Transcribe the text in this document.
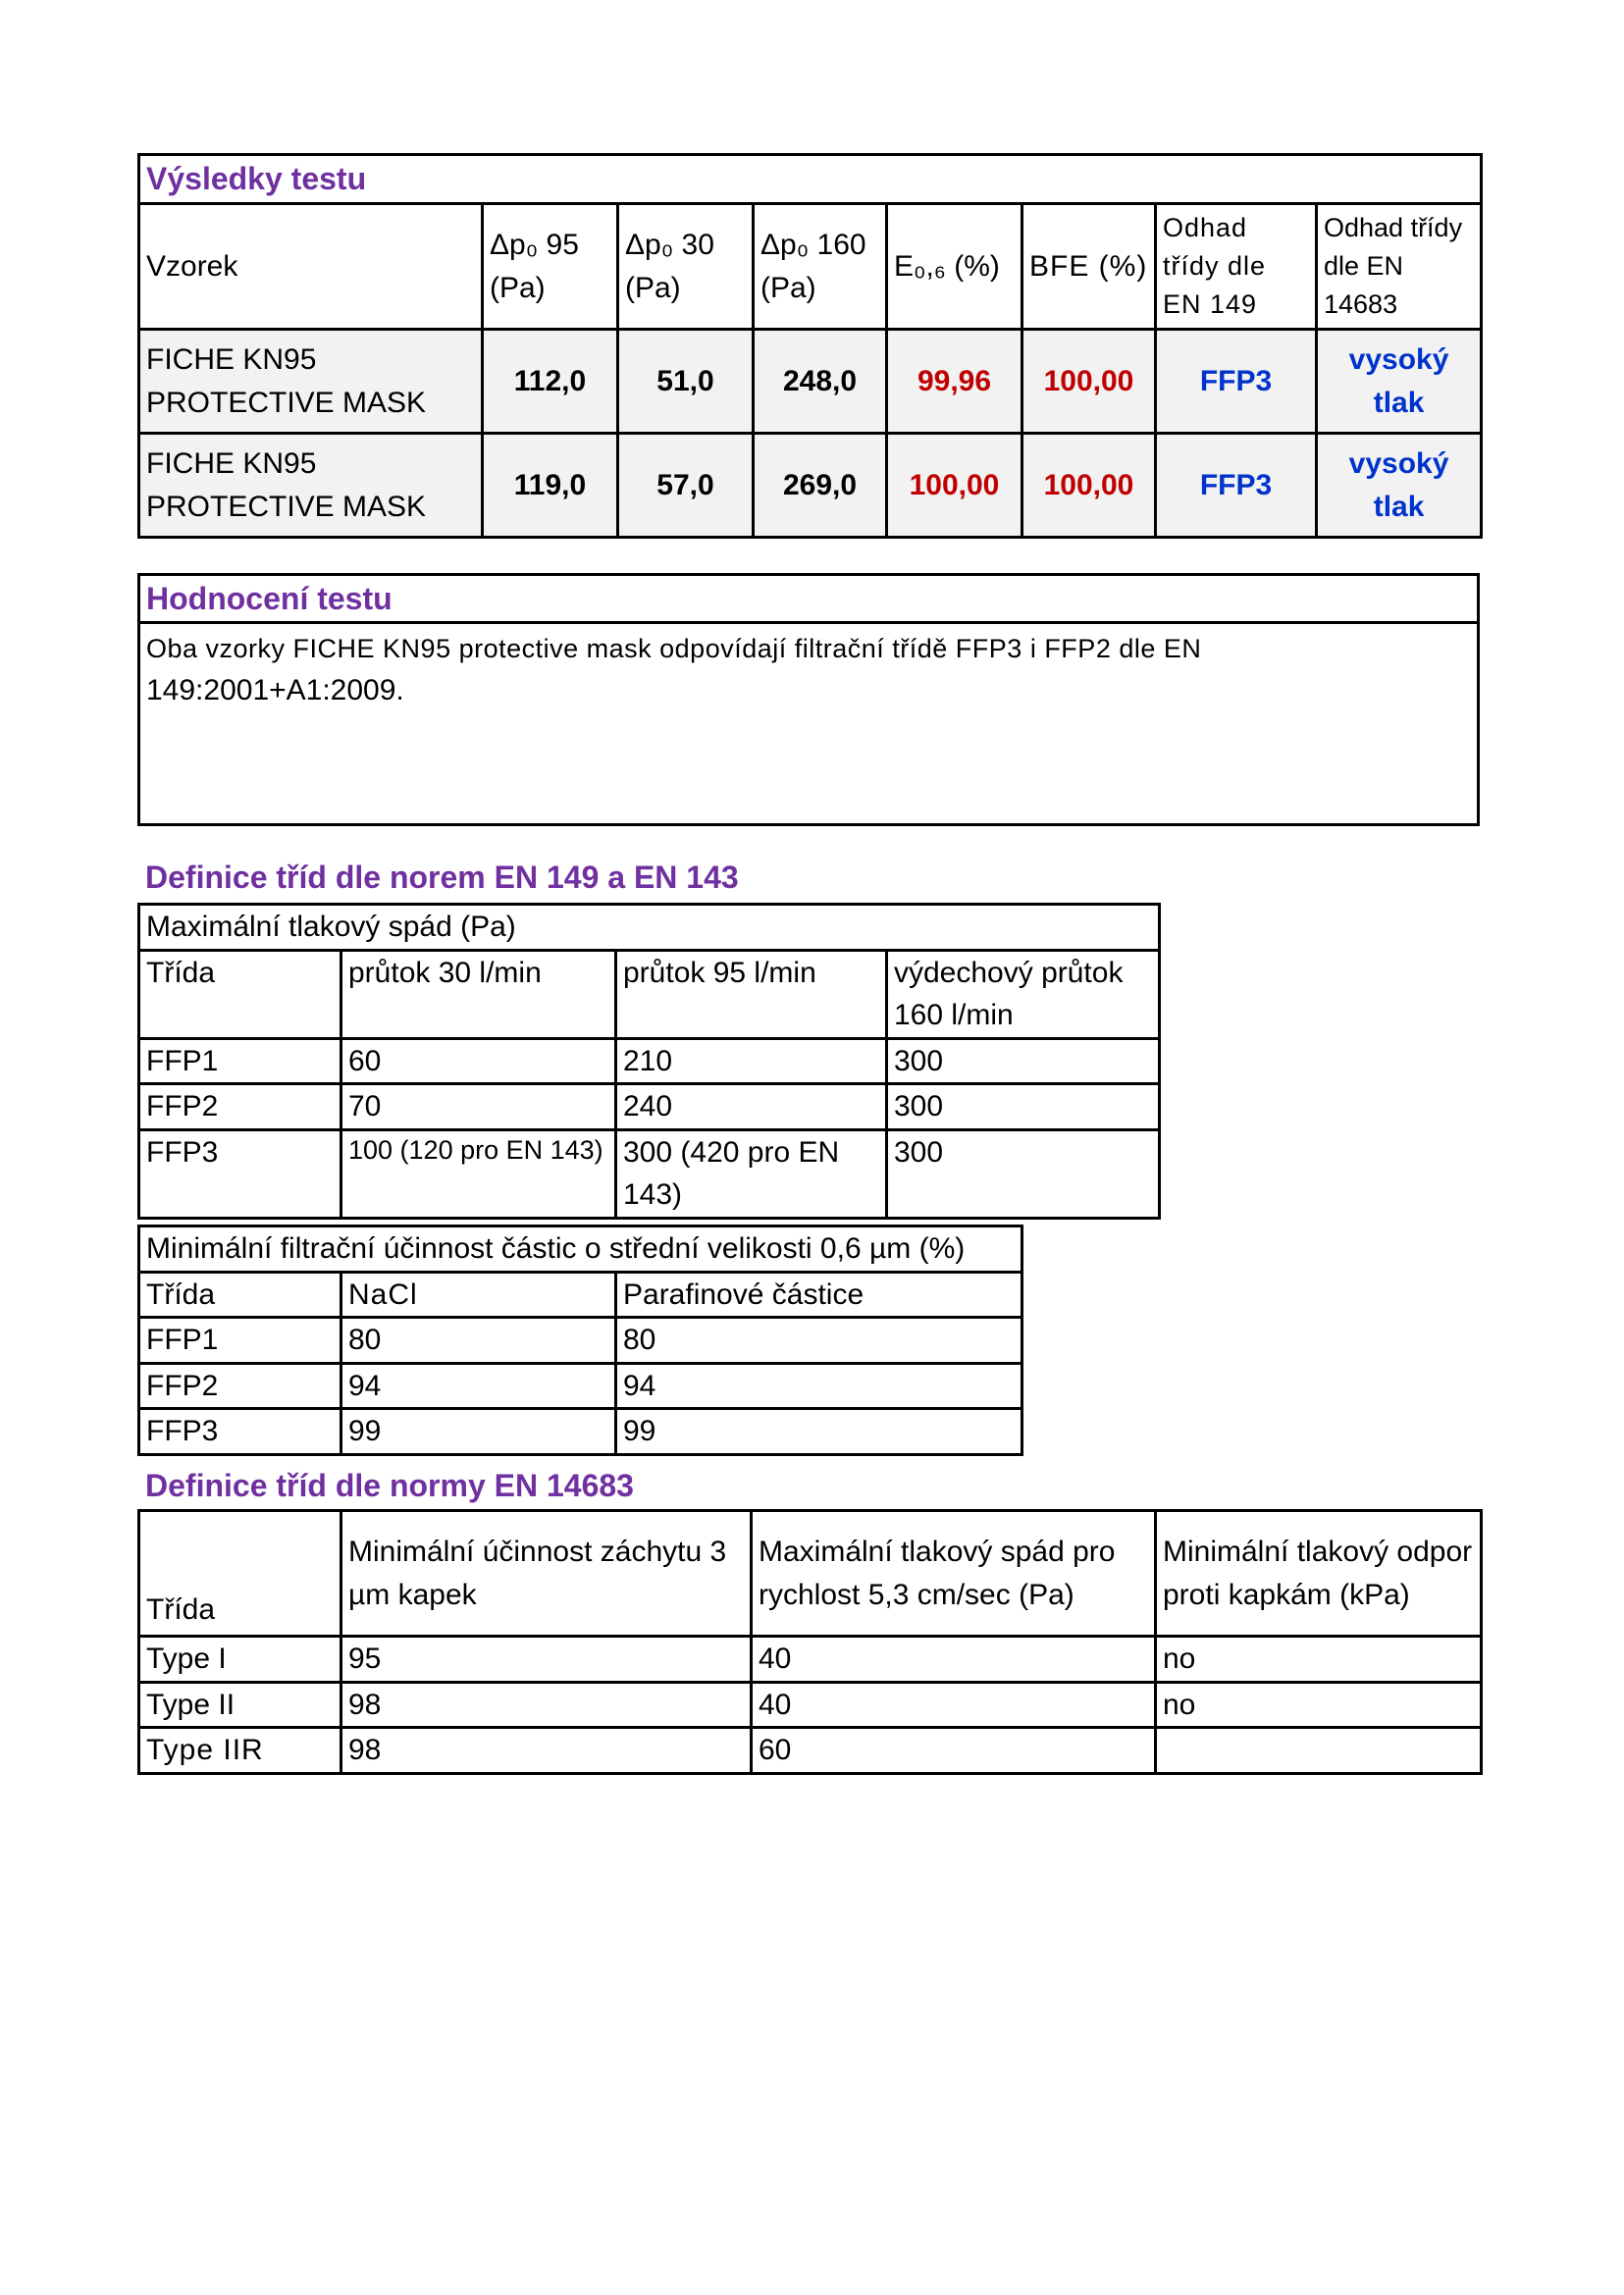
Výsledky testu							
Vzorek	Δp₀ 95 (Pa)	Δp₀ 30 (Pa)	Δp₀ 160 (Pa)	E₀,₆ (%)	BFE (%)	Odhad třídy dle EN 149	Odhad třídy dle EN 14683
FICHE KN95 PROTECTIVE MASK	112,0	51,0	248,0	99,96	100,00	FFP3	vysoký tlak
FICHE KN95 PROTECTIVE MASK	119,0	57,0	269,0	100,00	100,00	FFP3	vysoký tlak
Hodnocení testu

Oba vzorky FICHE KN95 protective mask odpovídají filtrační třídě FFP3 i FFP2 dle EN
149:2001+A1:2009.
Definice tříd dle norem EN 149 a EN 143
Maximální tlakový spád (Pa)			
Třída	průtok 30 l/min	průtok 95 l/min	výdechový průtok 160 l/min
FFP1	60	210	300
FFP2	70	240	300
FFP3	100 (120 pro EN 143)	300 (420 pro EN 143)	300
Minimální filtrační účinnost částic o střední velikosti 0,6 µm (%)		
Třída	NaCl	Parafinové částice
FFP1	80	80
FFP2	94	94
FFP3	99	99
Definice tříd dle normy EN 14683
Třída	Minimální účinnost záchytu 3 µm kapek	Maximální tlakový spád pro rychlost 5,3 cm/sec (Pa)	Minimální tlakový odpor proti kapkám (kPa)
Type I	95	40	no
Type II	98	40	no
Type IIR	98	60	
